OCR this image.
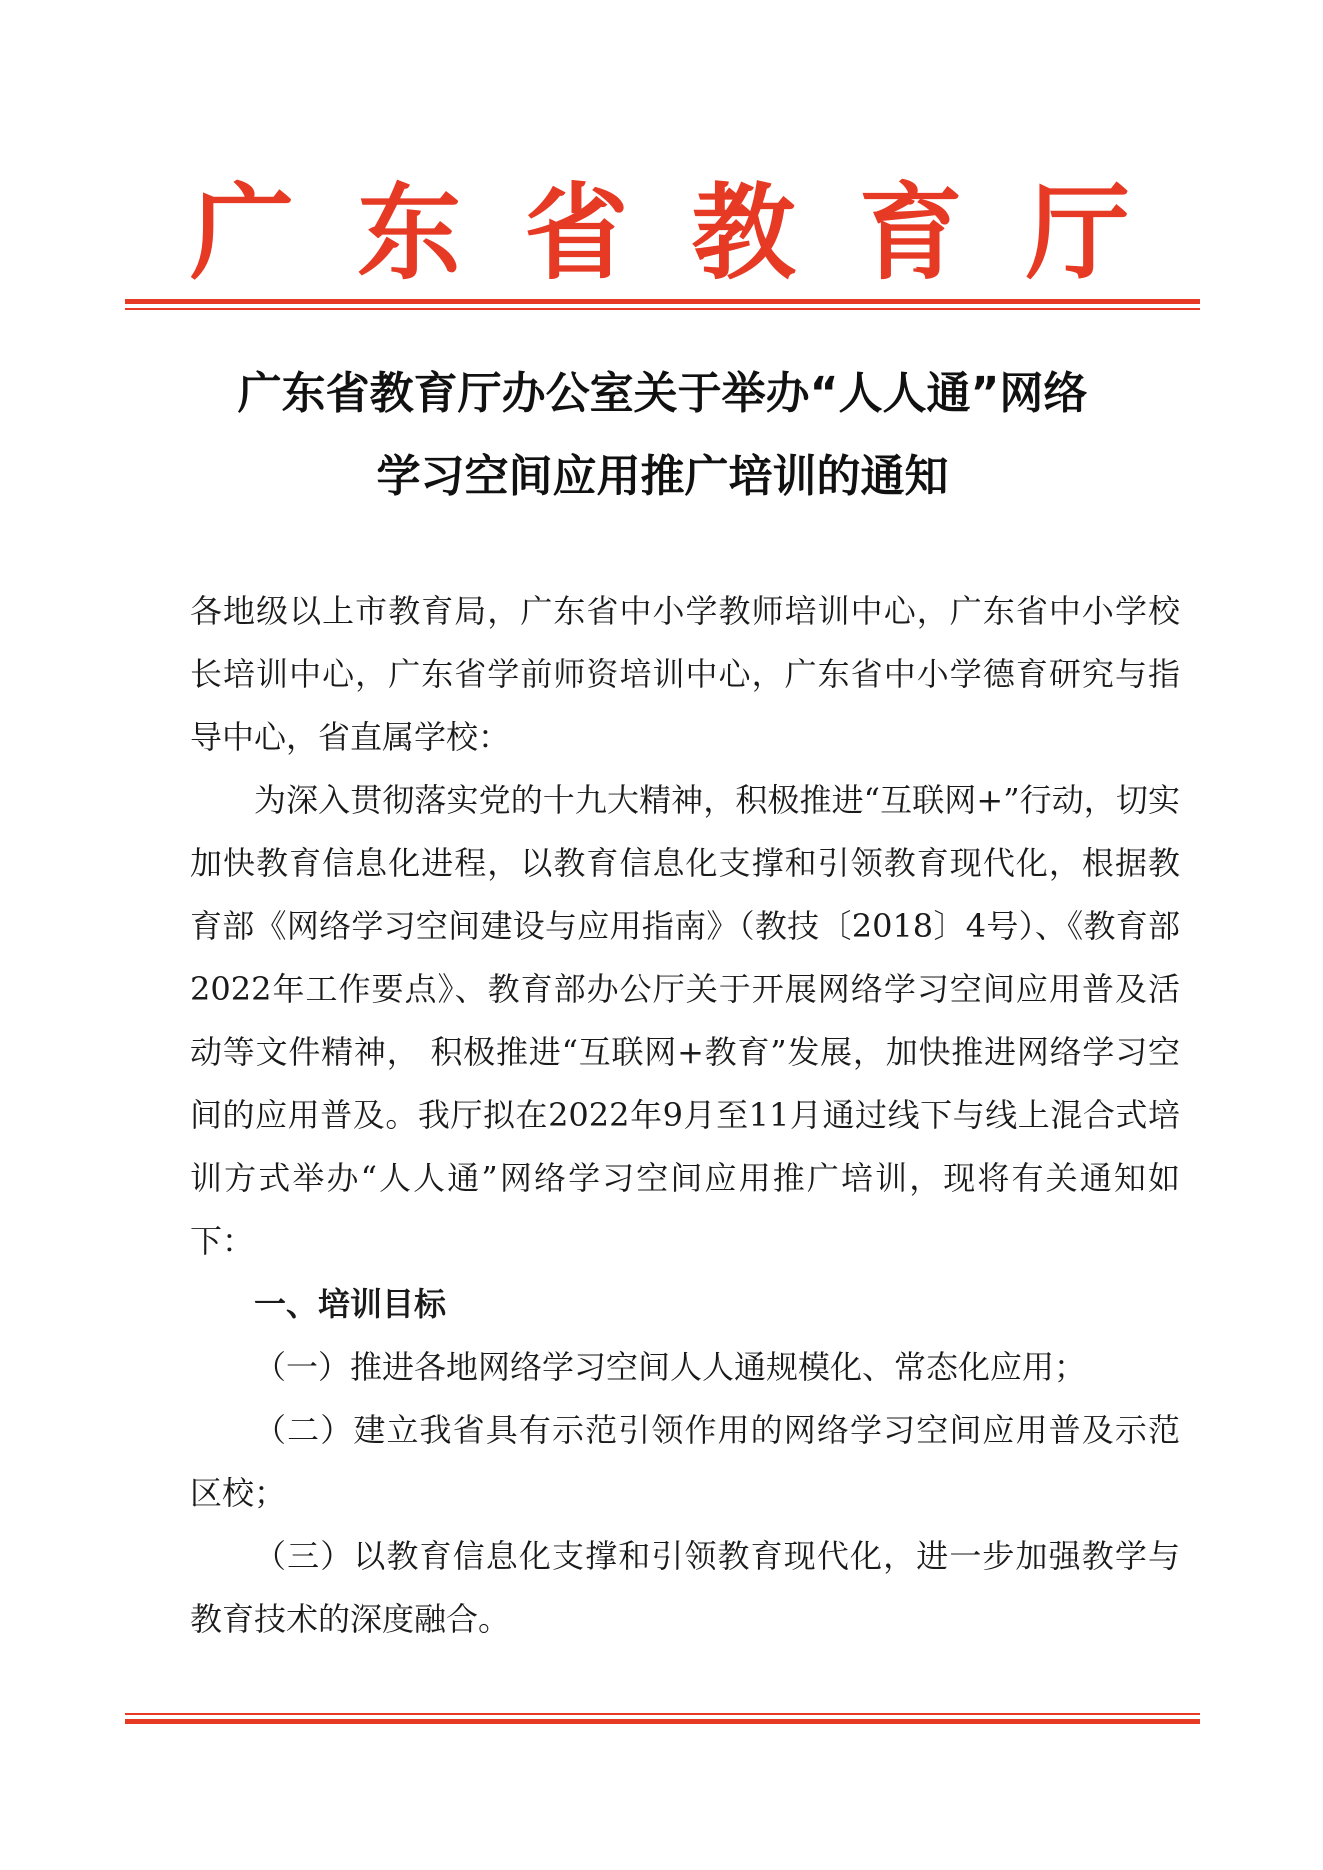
广 东 省 教 育 厅
广东省教育厅办公室关于举办“人人通”网络
学习空间应用推广培训的通知

各地级以上市教育局，广东省中小学教师培训中心，广东省中小学校长培训中心，广东省学前师资培训中心，广东省中小学德育研究与指导中心，省直属学校：

为深入贯彻落实党的十九大精神，积极推进“互联网+”行动，切实加快教育信息化进程，以教育信息化支撑和引领教育现代化，根据教育部《网络学习空间建设与应用指南》（教技〔2018〕4号）、《教育部2022年工作要点》、教育部办公厅关于开展网络学习空间应用普及活动等文件精神， 积极推进“互联网+教育”发展，加快推进网络学习空间的应用普及。我厅拟在2022年9月至11月通过线下与线上混合式培训方式举办“人人通”网络学习空间应用推广培训，现将有关通知如下：

一、培训目标

（一）推进各地网络学习空间人人通规模化、常态化应用；

（二）建立我省具有示范引领作用的网络学习空间应用普及示范区校；

（三）以教育信息化支撑和引领教育现代化，进一步加强教学与教育技术的深度融合。
